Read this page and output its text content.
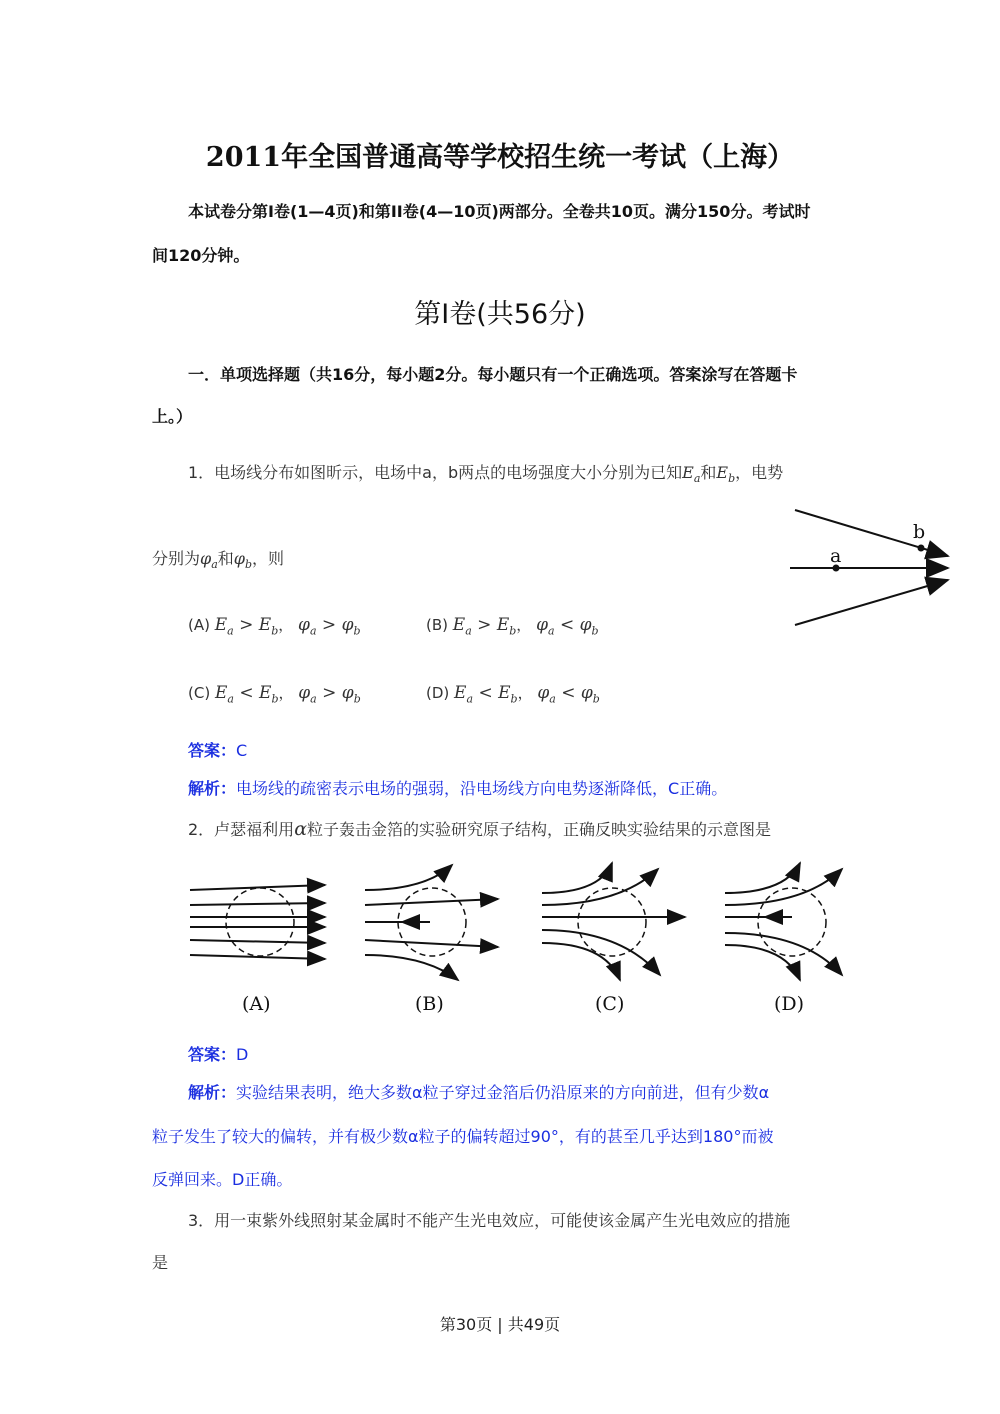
2011年全国普通高等学校招生统一考试（上海）
本试卷分第I卷(1—4页)和第II卷(4—10页)两部分。全卷共10页。满分150分。考试时
间120分钟。
第I卷(共56分)
一．单项选择题（共16分，每小题2分。每小题只有一个正确选项。答案涂写在答题卡
上。）
1．电场线分布如图昕示，电场中a，b两点的电场强度大小分别为已知$E_a$和$E_b$，电势
分别为$\varphi_a$和$\varphi_b$，则	a
b
(A) $E_a > E_b$， $\varphi_a > \varphi_b$	(B) $E_a > E_b$， $\varphi_a < \varphi_b$
(C) $E_a < E_b$， $\varphi_a > \varphi_b$	(D) $E_a < E_b$， $\varphi_a < \varphi_b$
答案：C
解析：电场线的疏密表示电场的强弱，沿电场线方向电势逐渐降低，C正确。
2．卢瑟福利用α粒子轰击金箔的实验研究原子结构，正确反映实验结果的示意图是
(A)	(B)	(C)	(D)
答案：D
解析：实验结果表明，绝大多数α粒子穿过金箔后仍沿原来的方向前进，但有少数α
粒子发生了较大的偏转，并有极少数α粒子的偏转超过90°，有的甚至几乎达到180°而被
反弹回来。D正确。
3．用一束紫外线照射某金属时不能产生光电效应，可能使该金属产生光电效应的措施
是
第30页 | 共49页
